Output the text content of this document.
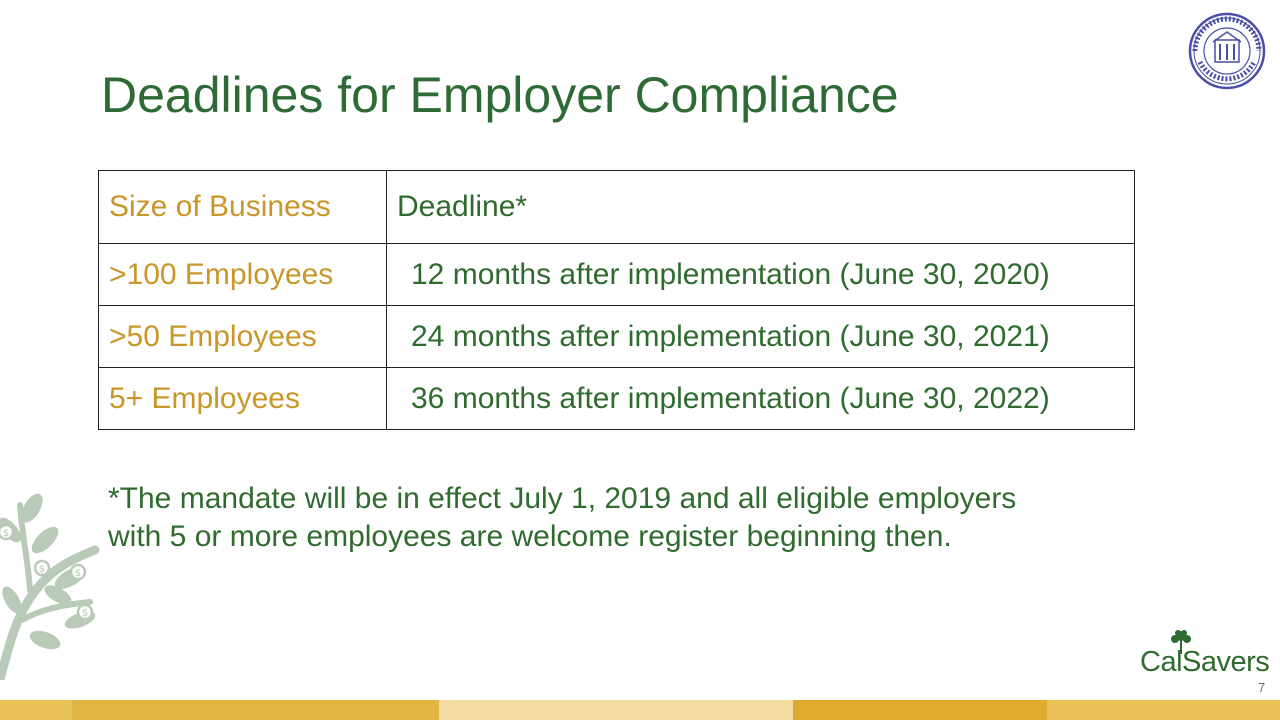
Deadlines for Employer Compliance
Size of Business	Deadline*
>100 Employees	12 months after implementation (June 30, 2020)
>50 Employees	24 months after implementation (June 30, 2021)
5+ Employees	36 months after implementation (June 30, 2022)
*The mandate will be in effect July 1, 2019 and all eligible employers
with 5 or more employees are welcome register beginning then.
$
$	$
$
CalSavers
7
